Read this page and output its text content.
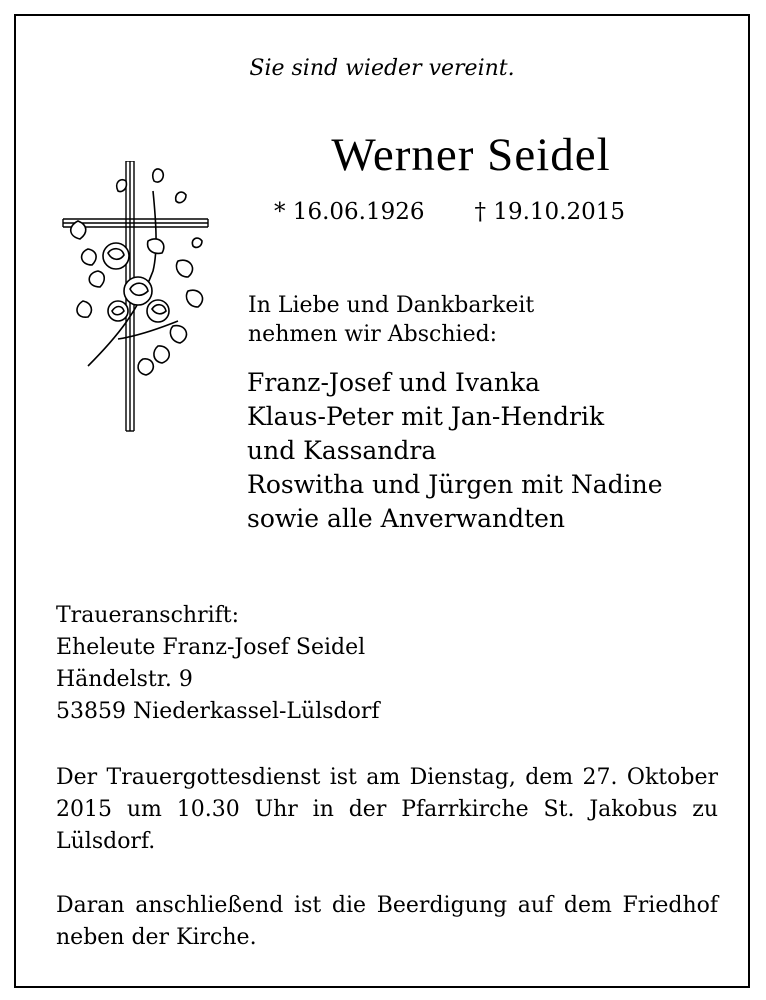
Sie sind wieder vereint.
Werner Seidel
* 16.06.1926 † 19.10.2015
In Liebe und Dankbarkeit
nehmen wir Abschied:
Franz-Josef und Ivanka
Klaus-Peter mit Jan-Hendrik
und Kassandra
Roswitha und Jürgen mit Nadine
sowie alle Anverwandten
Traueranschrift:
Eheleute Franz-Josef Seidel
Händelstr. 9
53859 Niederkassel-Lülsdorf
Der Trauergottesdienst ist am Dienstag, dem 27. Oktober 2015 um 10.30 Uhr in der Pfarrkirche St. Jakobus zu Lülsdorf.
Daran anschließend ist die Beerdigung auf dem Friedhof neben der Kirche.
